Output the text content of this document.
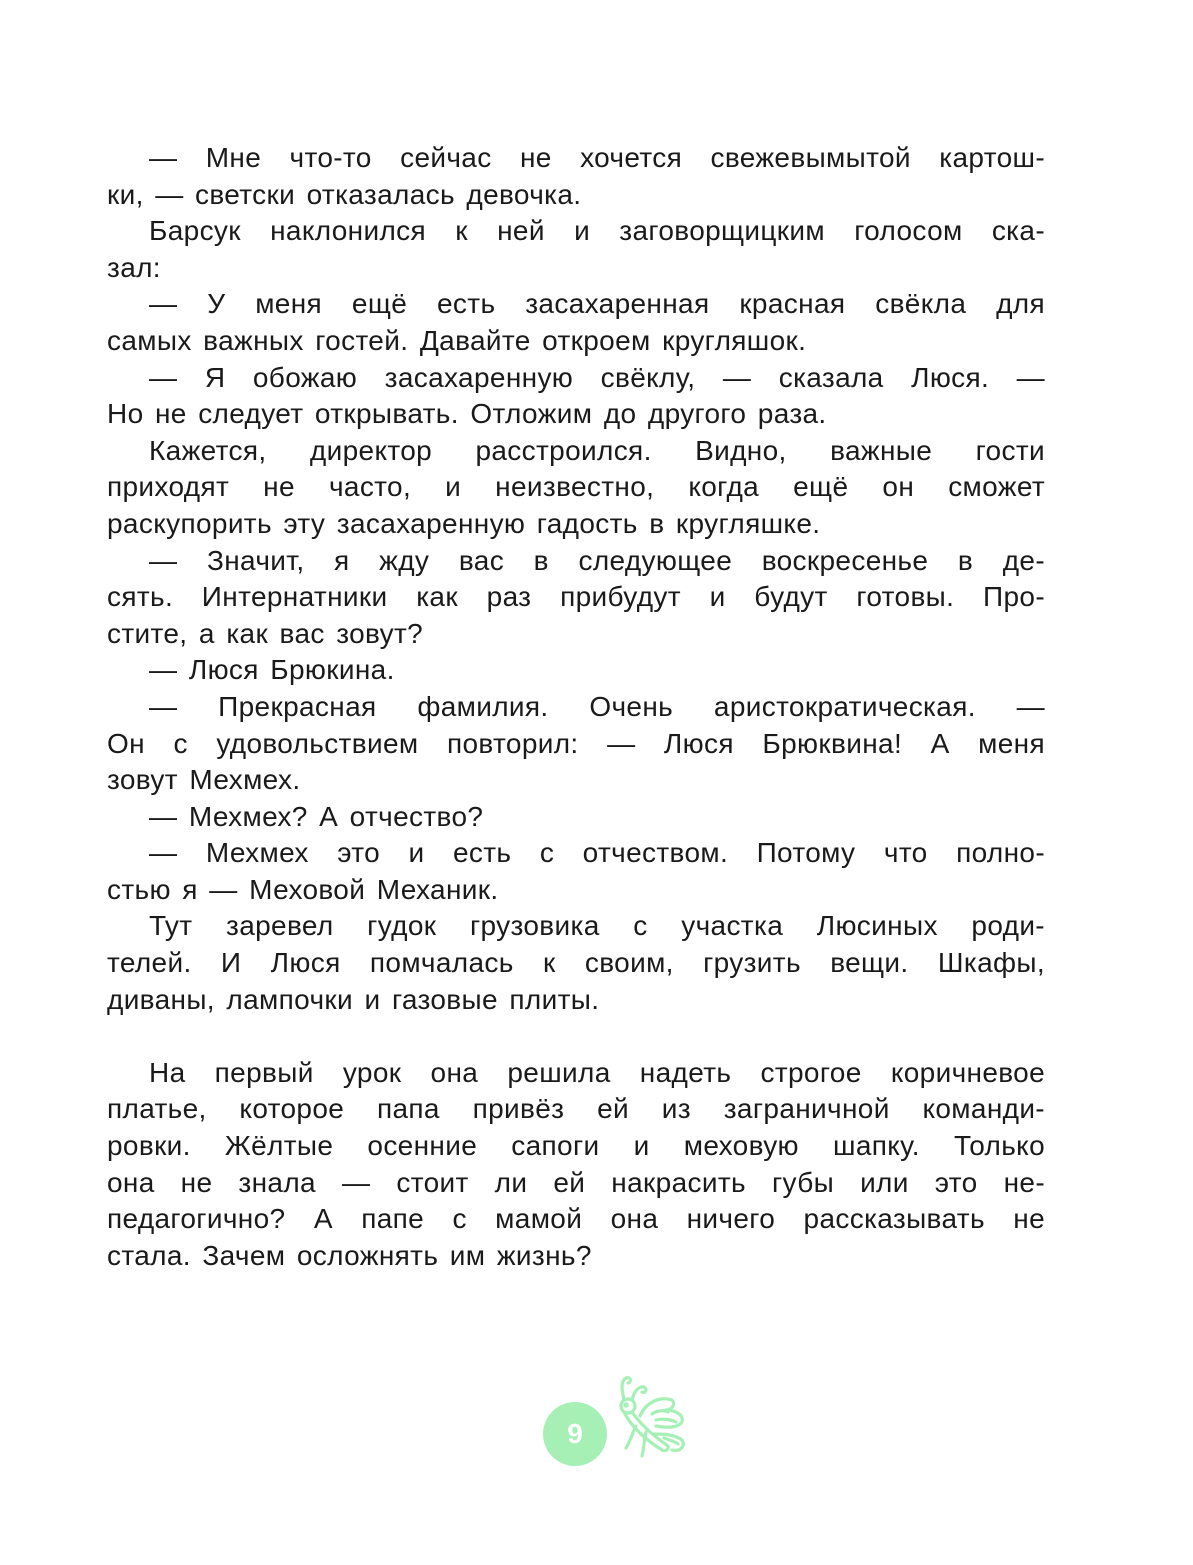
— Мне что-то сейчас не хочется свежевымытой картош-
ки, — светски отказалась девочка.
Барсук наклонился к ней и заговорщицким голосом ска-
зал:
— У меня ещё есть засахаренная красная свёкла для
самых важных гостей. Давайте откроем кругляшок.
— Я обожаю засахаренную свёклу, — сказала Люся. —
Но не следует открывать. Отложим до другого раза.
Кажется, директор расстроился. Видно, важные гости
приходят не часто, и неизвестно, когда ещё он сможет
раскупорить эту засахаренную гадость в кругляшке.
— Значит, я жду вас в следующее воскресенье в де-
сять. Интернатники как раз прибудут и будут готовы. Про-
стите, а как вас зовут?
— Люся Брюкина.
— Прекрасная фамилия. Очень аристократическая. —
Он с удовольствием повторил: — Люся Брюквина! А меня
зовут Мехмех.
— Мехмех? А отчество?
— Мехмех это и есть с отчеством. Потому что полно-
стью я — Меховой Механик.
Тут заревел гудок грузовика с участка Люсиных роди-
телей. И Люся помчалась к своим, грузить вещи. Шкафы,
диваны, лампочки и газовые плиты.
На первый урок она решила надеть строгое коричневое
платье, которое папа привёз ей из заграничной команди-
ровки. Жёлтые осенние сапоги и меховую шапку. Только
она не знала — стоит ли ей накрасить губы или это не-
педагогично? А папе с мамой она ничего рассказывать не
стала. Зачем осложнять им жизнь?
9
